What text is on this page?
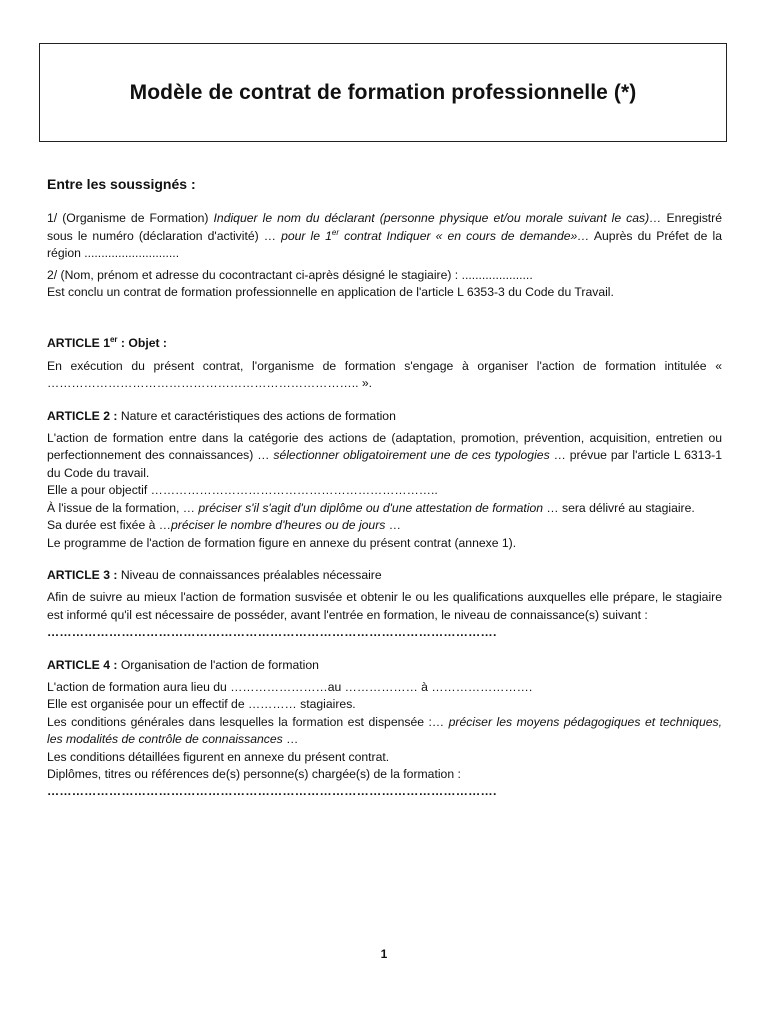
Modèle de contrat de formation professionnelle (*)

Entre les soussignés :

1/ (Organisme de Formation) Indiquer le nom du déclarant (personne physique et/ou morale suivant le cas)… Enregistré sous le numéro (déclaration d'activité) … pour le 1er contrat Indiquer « en cours de demande»… Auprès du Préfet de la région ............................

2/ (Nom, prénom et adresse du cocontractant ci-après désigné le stagiaire) : .....................

Est conclu un contrat de formation professionnelle en application de l'article L 6353-3 du Code du Travail.

ARTICLE 1er : Objet :

En exécution du présent contrat, l'organisme de formation s'engage à organiser l'action de formation intitulée « ………………………………………………………………….. ».

ARTICLE 2 : Nature et caractéristiques des actions de formation

L'action de formation entre dans la catégorie des actions de (adaptation, promotion, prévention, acquisition, entretien ou perfectionnement des connaissances) … sélectionner obligatoirement une de ces typologies … prévue par l'article L 6313-1 du Code du travail.

Elle a pour objectif ……………………………………………………………..

À l'issue de la formation, … préciser s'il s'agit d'un diplôme ou d'une attestation de formation … sera délivré au stagiaire.

Sa durée est fixée à …préciser le nombre d'heures ou de jours …

Le programme de l'action de formation figure en annexe du présent contrat (annexe 1).

ARTICLE 3 : Niveau de connaissances préalables nécessaire

Afin de suivre au mieux l'action de formation susvisée et obtenir le ou les qualifications auxquelles elle prépare, le stagiaire est informé qu'il est nécessaire de posséder, avant l'entrée en formation, le niveau de connaissance(s) suivant :

……………………………………………………………………………………………….

ARTICLE 4 : Organisation de l'action de formation

L'action de formation aura lieu du ……………………au ……………… à …………………….

Elle est organisée pour un effectif de ………… stagiaires.

Les conditions générales dans lesquelles la formation est dispensée :… préciser les moyens pédagogiques et techniques, les modalités de contrôle de connaissances …

Les conditions détaillées figurent en annexe du présent contrat.

Diplômes, titres ou références de(s) personne(s) chargée(s) de la formation :

……………………………………………………………………………………………….

1
